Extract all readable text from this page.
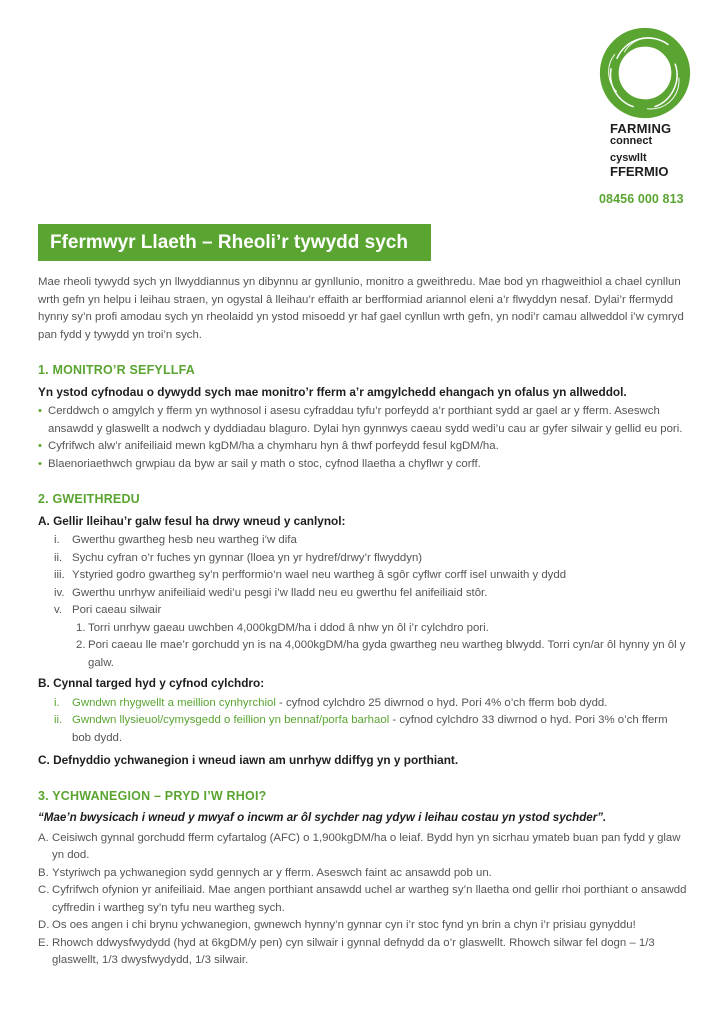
FARMING
connect
cyswllt
FFERMIO
08456 000 813
Ffermwyr Llaeth – Rheoli’r tywydd sych

Mae rheoli tywydd sych yn llwyddiannus yn dibynnu ar gynllunio, monitro a gweithredu. Mae bod yn rhagweithiol a chael cynllun wrth gefn yn helpu i leihau straen, yn ogystal â lleihau’r effaith ar berfformiad ariannol eleni a’r flwyddyn nesaf. Dylai’r ffermydd hynny sy’n profi amodau sych yn rheolaidd yn ystod misoedd yr haf gael cynllun wrth gefn, yn nodi’r camau allweddol i’w cymryd pan fydd y tywydd yn troi’n sych.

1. MONITRO’R SEFYLLFA
Yn ystod cyfnodau o dywydd sych mae monitro’r fferm a’r amgylchedd ehangach yn ofalus yn allweddol.
• Cerddwch o amgylch y fferm yn wythnosol i asesu cyfraddau tyfu’r porfeydd a’r porthiant sydd ar gael ar y fferm. Aseswch ansawdd y glaswellt a nodwch y dyddiadau blaguro. Dylai hyn gynnwys caeau sydd wedi’u cau ar gyfer silwair y gellid eu pori.
• Cyfrifwch alw’r anifeiliaid mewn kgDM/ha a chymharu hyn â thwf porfeydd fesul kgDM/ha.
• Blaenoriaethwch grwpiau da byw ar sail y math o stoc, cyfnod llaetha a chyflwr y corff.
2. GWEITHREDU
A. Gellir lleihau’r galw fesul ha drwy wneud y canlynol:
i. Gwerthu gwartheg hesb neu wartheg i’w difa
ii. Sychu cyfran o’r fuches yn gynnar (lloea yn yr hydref/drwy’r flwyddyn)
iii. Ystyried godro gwartheg sy’n perfformio’n wael neu wartheg â sgôr cyflwr corff isel unwaith y dydd
iv. Gwerthu unrhyw anifeiliaid wedi’u pesgi i’w lladd neu eu gwerthu fel anifeiliaid stôr.
v. Pori caeau silwair
1. Torri unrhyw gaeau uwchben 4,000kgDM/ha i ddod â nhw yn ôl i’r cylchdro pori.
2. Pori caeau lle mae’r gorchudd yn is na 4,000kgDM/ha gyda gwartheg neu wartheg blwydd. Torri cyn/ar ôl hynny yn ôl y galw.
B. Cynnal targed hyd y cyfnod cylchdro:
i. Gwndwn rhygwellt a meillion cynhyrchiol - cyfnod cylchdro 25 diwrnod o hyd. Pori 4% o’ch fferm bob dydd.
ii. Gwndwn llysieuol/cymysgedd o feillion yn bennaf/porfa barhaol - cyfnod cylchdro 33 diwrnod o hyd. Pori 3% o’ch fferm bob dydd.
C. Defnyddio ychwanegion i wneud iawn am unrhyw ddiffyg yn y porthiant.
3. YCHWANEGION – PRYD I’W RHOI?
“Mae’n bwysicach i wneud y mwyaf o incwm ar ôl sychder nag ydyw i leihau costau yn ystod sychder”.
A. Ceisiwch gynnal gorchudd fferm cyfartalog (AFC) o 1,900kgDM/ha o leiaf. Bydd hyn yn sicrhau ymateb buan pan fydd y glaw yn dod.
B. Ystyriwch pa ychwanegion sydd gennych ar y fferm. Aseswch faint ac ansawdd pob un.
C. Cyfrifwch ofynion yr anifeiliaid. Mae angen porthiant ansawdd uchel ar wartheg sy’n llaetha ond gellir rhoi porthiant o ansawdd cyffredin i wartheg sy’n tyfu neu wartheg sych.
D. Os oes angen i chi brynu ychwanegion, gwnewch hynny’n gynnar cyn i’r stoc fynd yn brin a chyn i’r prisiau gynyddu!
E. Rhowch ddwysfwydydd (hyd at 6kgDM/y pen) cyn silwair i gynnal defnydd da o’r glaswellt. Rhowch silwar fel dogn – 1/3 glaswellt, 1/3 dwysfwydydd, 1/3 silwair.
